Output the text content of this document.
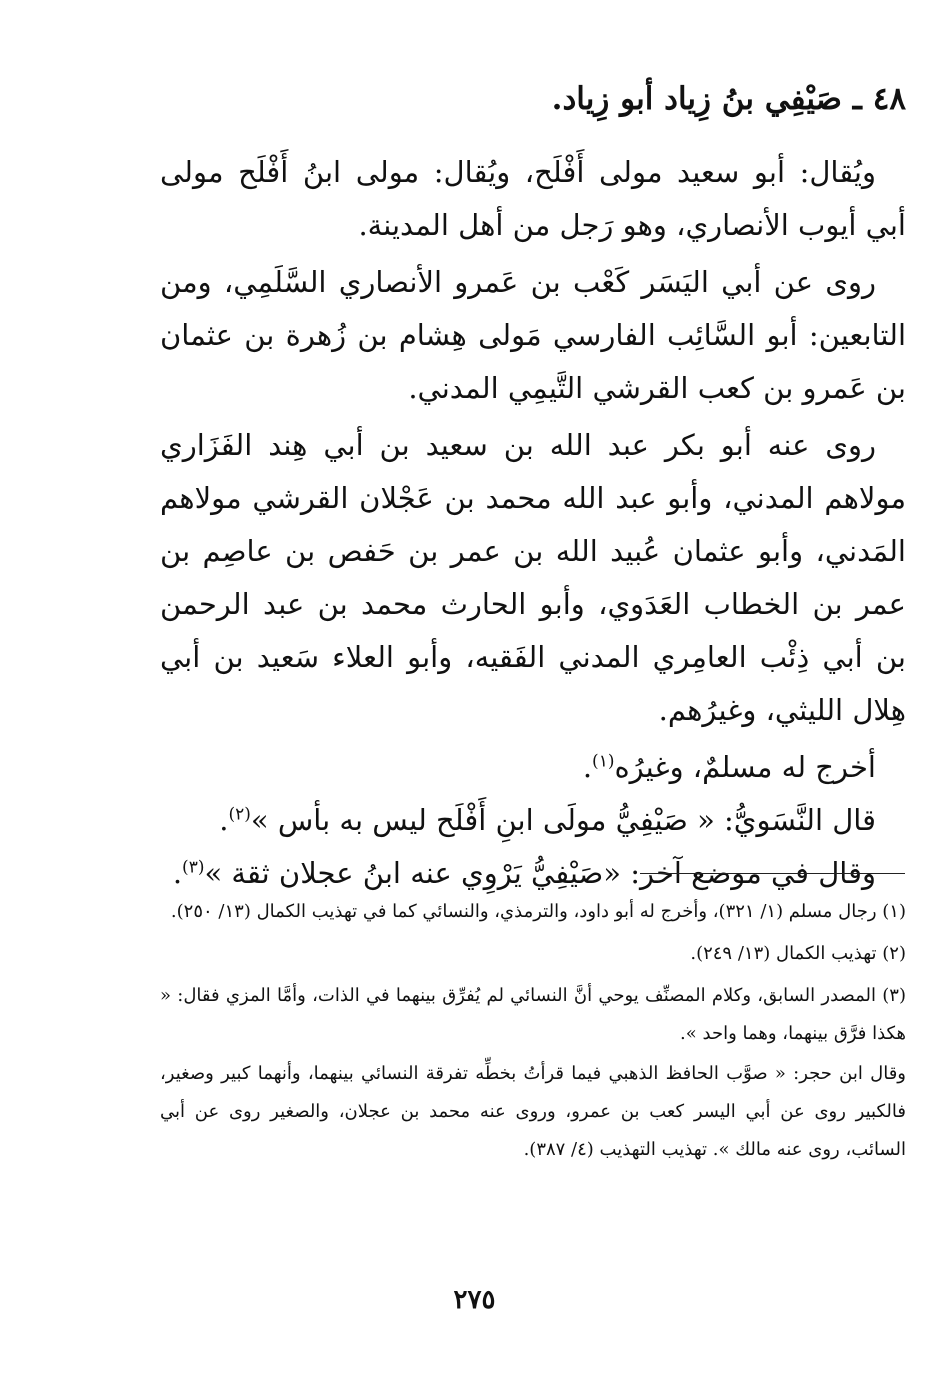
٤٨ ـ صَيْفِي بنُ زِياد أبو زِياد.

ويُقال: أبو سعيد مولى أَفْلَح، ويُقال: مولى ابنُ أَفْلَح مولى أبي أيوب الأنصاري، وهو رَجل من أهل المدينة.

روى عن أبي اليَسَر كَعْب بن عَمرو الأنصاري السَّلَمِي، ومن التابعين: أبو السَّائِب الفارسي مَولى هِشام بن زُهرة بن عثمان بن عَمرو بن كعب القرشي التَّيمِي المدني.

روى عنه أبو بكر عبد الله بن سعيد بن أبي هِند الفَزَاري مولاهم المدني، وأبو عبد الله محمد بن عَجْلان القرشي مولاهم المَدني، وأبو عثمان عُبيد الله بن عمر بن حَفص بن عاصِم بن عمر بن الخطاب العَدَوي، وأبو الحارث محمد بن عبد الرحمن بن أبي ذِئْب العامِري المدني الفَقيه، وأبو العلاء سَعيد بن أبي هِلال الليثي، وغيرُهم.

أخرج له مسلمٌ، وغيرُه$^{(١)}$.

قال النَّسَويُّ: « صَيْفِيُّ مولَى ابنِ أَفْلَح ليس به بأس »$^{(٢)}$.

وقال في موضع آخر: «صَيْفِيُّ يَرْوِي عنه ابنُ عجلان ثقة »$^{(٣)}$.

(١) رجال مسلم (١/ ٣٢١)، وأخرج له أبو داود، والترمذي، والنسائي كما في تهذيب الكمال (١٣/ ٢٥٠).

(٢) تهذيب الكمال (١٣/ ٢٤٩).

(٣) المصدر السابق، وكلام المصنِّف يوحي أنَّ النسائي لم يُفرِّق بينهما في الذات، وأمَّا المزي فقال: « هكذا فرَّق بينهما، وهما واحد ».

وقال ابن حجر: « صوَّب الحافظ الذهبي فيما قرأتُ بخطِّه تفرقة النسائي بينهما، وأنهما كبير وصغير، فالكبير روى عن أبي اليسر كعب بن عمرو، وروى عنه محمد بن عجلان، والصغير روى عن أبي السائب، روى عنه مالك ». تهذيب التهذيب (٤/ ٣٨٧).

٢٧٥
